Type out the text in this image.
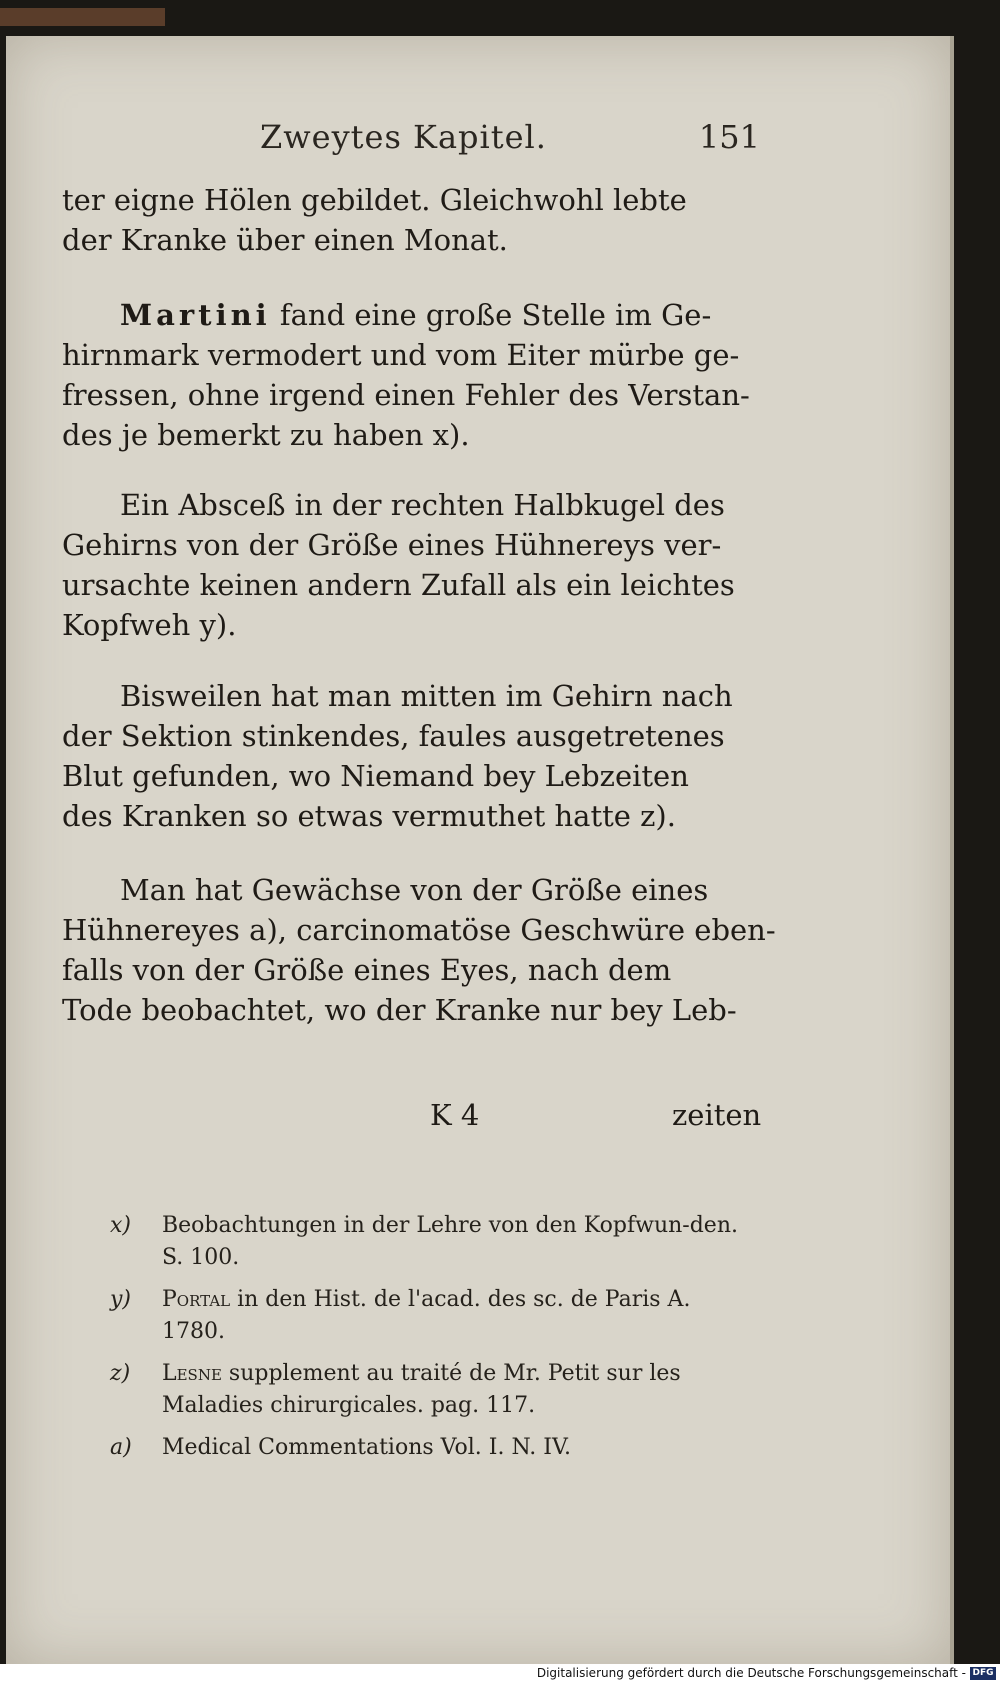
Zweytes Kapitel.	151
ter eigne Hölen gebildet. Gleichwohl lebte
der Kranke über einen Monat.
Martini fand eine große Stelle im Ge-
hirnmark vermodert und vom Eiter mürbe ge-
fressen, ohne irgend einen Fehler des Verstan-
des je bemerkt zu haben x).
Ein Absceß in der rechten Halbkugel des
Gehirns von der Größe eines Hühnereys ver-
ursachte keinen andern Zufall als ein leichtes
Kopfweh y).
Bisweilen hat man mitten im Gehirn nach
der Sektion stinkendes, faules ausgetretenes
Blut gefunden, wo Niemand bey Lebzeiten
des Kranken so etwas vermuthet hatte z).
Man hat Gewächse von der Größe eines
Hühnereyes a), carcinomatöse Geschwüre eben-
falls von der Größe eines Eyes, nach dem
Tode beobachtet, wo der Kranke nur bey Leb-
K 4	zeiten
x)	Beobachtungen in der Lehre von den Kopfwun-den. S. 100.
y)	Portal in den Hist. de l'acad. des sc. de Paris A. 1780.
z)	Lesne supplement au traité de Mr. Petit sur les Maladies chirurgicales. pag. 117.
a)	Medical Commentations Vol. I. N. IV.
Digitalisierung gefördert durch die Deutsche Forschungsgemeinschaft - DFG
